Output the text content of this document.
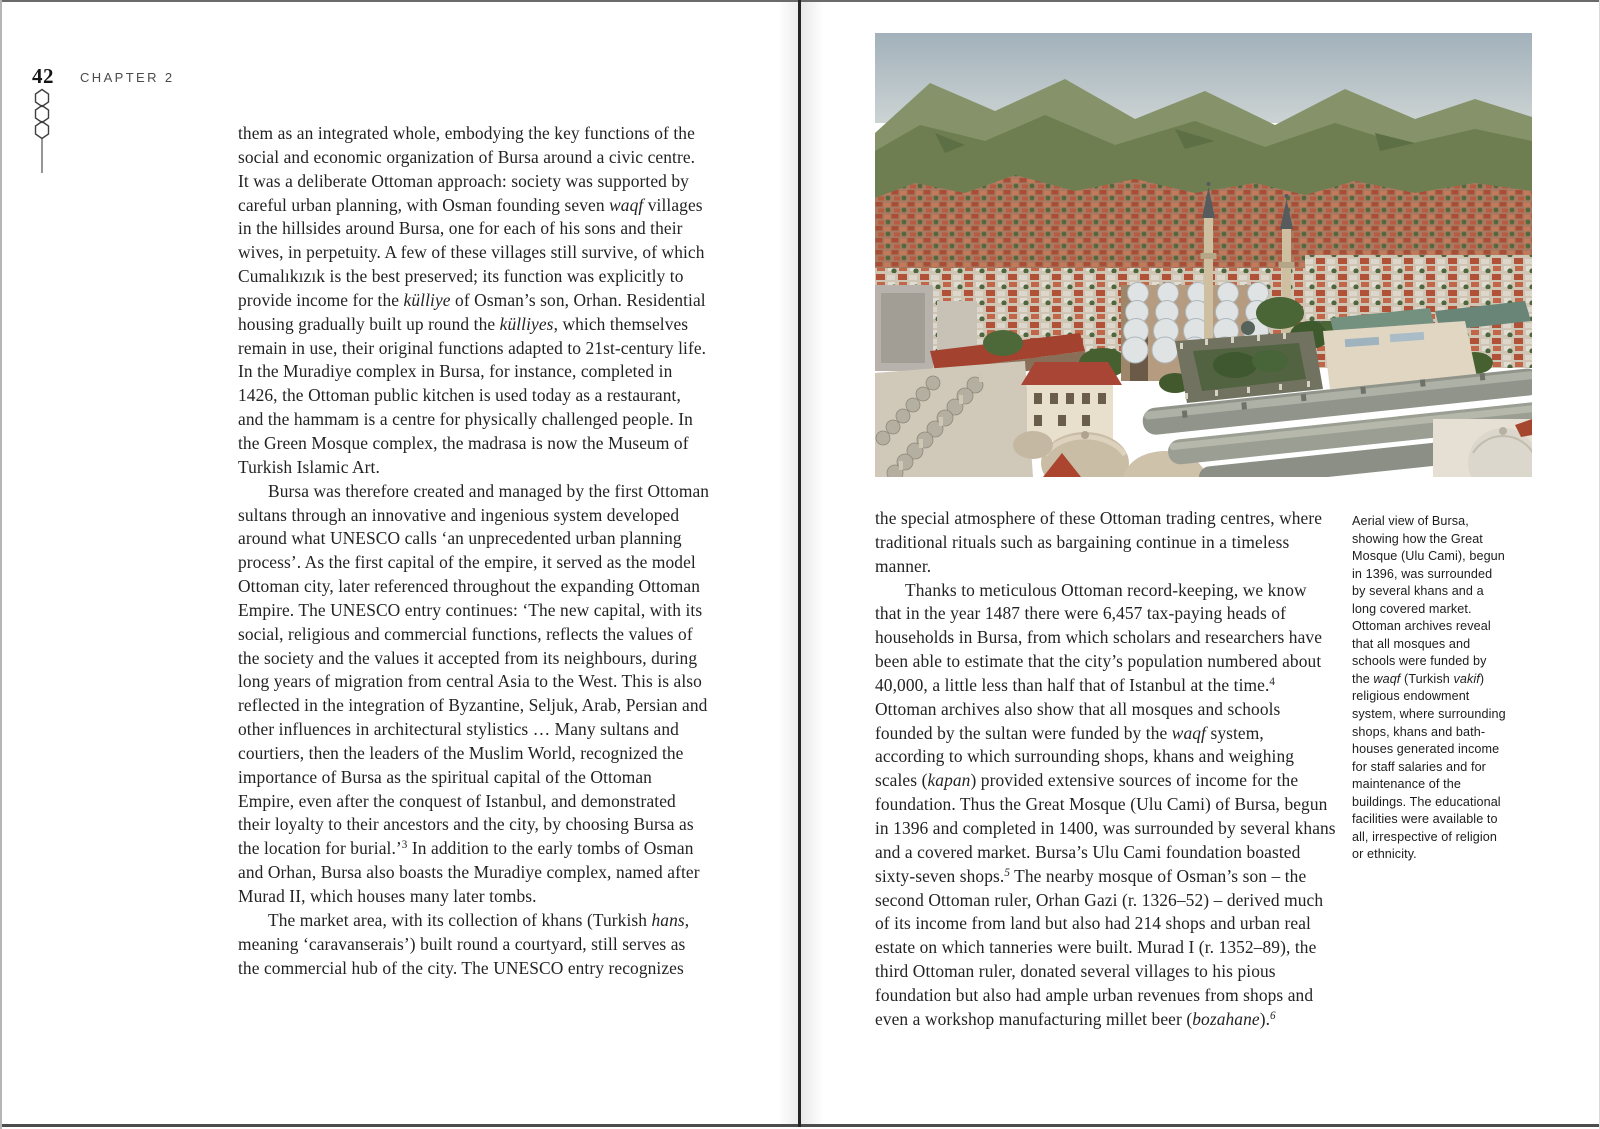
42 CHAPTER 2

them as an integrated whole, embodying the key functions of the social and economic organization of Bursa around a civic centre. It was a deliberate Ottoman approach: society was supported by careful urban planning, with Osman founding seven waqf villages in the hillsides around Bursa, one for each of his sons and their wives, in perpetuity. A few of these villages still survive, of which Cumalıkızık is the best preserved; its function was explicitly to provide income for the külliye of Osman’s son, Orhan. Residential housing gradually built up round the külliyes, which themselves remain in use, their original functions adapted to 21st-century life. In the Muradiye complex in Bursa, for instance, completed in 1426, the Ottoman public kitchen is used today as a restaurant, and the hammam is a centre for physically challenged people. In the Green Mosque complex, the madrasa is now the Museum of Turkish Islamic Art.

Bursa was therefore created and managed by the first Ottoman sultans through an innovative and ingenious system developed around what UNESCO calls ‘an unprecedented urban planning process’. As the first capital of the empire, it served as the model Ottoman city, later referenced throughout the expanding Ottoman Empire. The UNESCO entry continues: ‘The new capital, with its social, religious and commercial functions, reflects the values of the society and the values it accepted from its neighbours, during long years of migration from central Asia to the West. This is also reflected in the integration of Byzantine, Seljuk, Arab, Persian and other influences in architectural stylistics … Many sultans and courtiers, then the leaders of the Muslim World, recognized the importance of Bursa as the spiritual capital of the Ottoman Empire, even after the conquest of Istanbul, and demonstrated their loyalty to their ancestors and the city, by choosing Bursa as the location for burial.’$^3$ In addition to the early tombs of Osman and Orhan, Bursa also boasts the Muradiye complex, named after Murad II, which houses many later tombs.

The market area, with its collection of khans (Turkish hans, meaning ‘caravanserais’) built round a courtyard, still serves as the commercial hub of the city. The UNESCO entry recognizes

the special atmosphere of these Ottoman trading centres, where traditional rituals such as bargaining continue in a timeless manner.

Thanks to meticulous Ottoman record-keeping, we know that in the year 1487 there were 6,457 tax-paying heads of households in Bursa, from which scholars and researchers have been able to estimate that the city’s population numbered about 40,000, a little less than half that of Istanbul at the time.$^4$ Ottoman archives also show that all mosques and schools founded by the sultan were funded by the waqf system, according to which surrounding shops, khans and weighing scales (kapan) provided extensive sources of income for the foundation. Thus the Great Mosque (Ulu Cami) of Bursa, begun in 1396 and completed in 1400, was surrounded by several khans and a covered market. Bursa’s Ulu Cami foundation boasted sixty-seven shops.$^5$ The nearby mosque of Osman’s son – the second Ottoman ruler, Orhan Gazi (r. 1326–52) – derived much of its income from land but also had 214 shops and urban real estate on which tanneries were built. Murad I (r. 1352–89), the third Ottoman ruler, donated several villages to his pious foundation but also had ample urban revenues from shops and even a workshop manufacturing millet beer (bozahane).$^6$

Aerial view of Bursa, showing how the Great Mosque (Ulu Cami), begun in 1396, was surrounded by several khans and a long covered market. Ottoman archives reveal that all mosques and schools were funded by the waqf (Turkish vakif) religious endowment system, where surrounding shops, khans and bath-houses generated income for staff salaries and for maintenance of the buildings. The educational facilities were available to all, irrespective of religion or ethnicity.
